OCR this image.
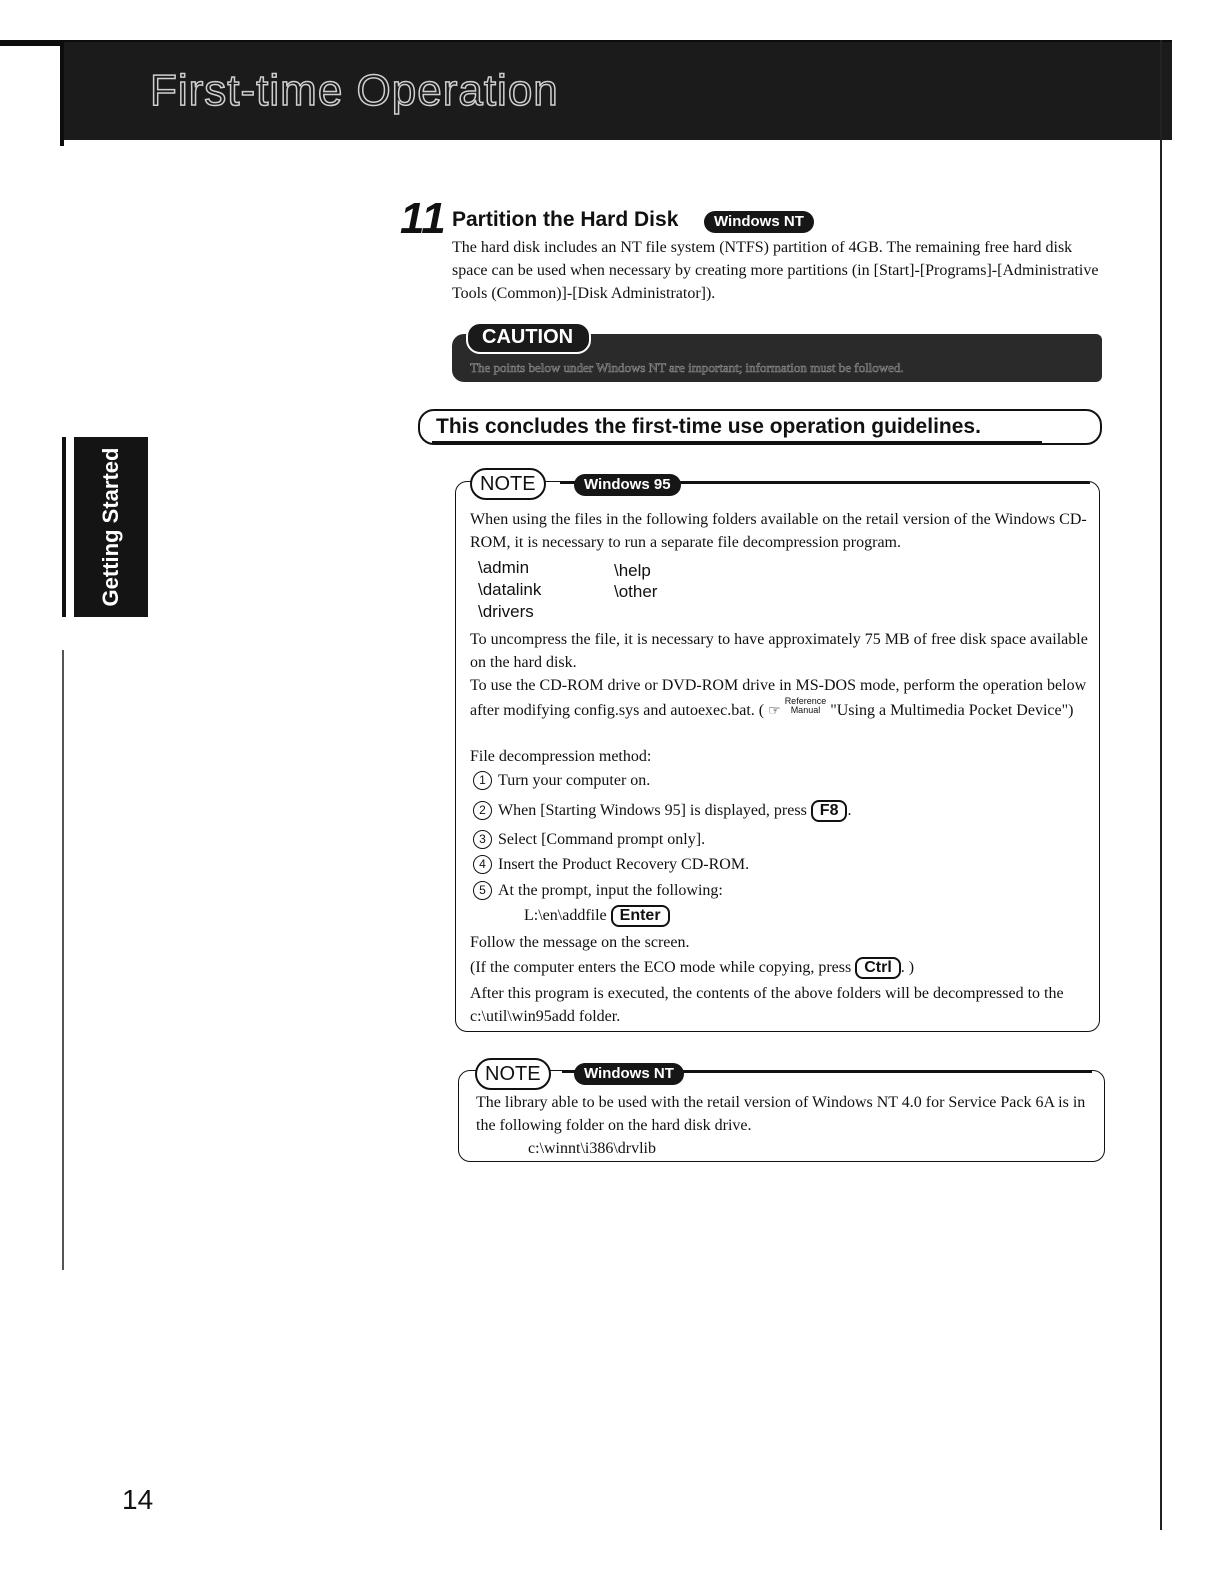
First-time Operation
Getting Started
11 Partition the Hard Disk	Windows NT
The hard disk includes an NT file system (NTFS) partition of 4GB. The remaining free hard disk space can be used when necessary by creating more partitions (in [Start]-[Programs]-[Administrative Tools (Common)]-[Disk Administrator]).
CAUTION
The points below under Windows NT are important; information must be followed.
This concludes the first-time use operation guidelines.
NOTE	Windows 95
When using the files in the following folders available on the retail version of the Windows CD-ROM, it is necessary to run a separate file decompression program.
\admin	\help
\datalink	\other
\drivers
To uncompress the file, it is necessary to have approximately 75 MB of free disk space available on the hard disk.
To use the CD-ROM drive or DVD-ROM drive in MS-DOS mode, perform the operation below after modifying config.sys and autoexec.bat. ( ☞ Reference
Manual "Using a Multimedia Pocket Device")
File decompression method:
1 Turn your computer on.
2 When [Starting Windows 95] is displayed, press F8 .
3 Select [Command prompt only].
4 Insert the Product Recovery CD-ROM.
5 At the prompt, input the following:
L:\en\addfile Enter
Follow the message on the screen.
(If the computer enters the ECO mode while copying, press Ctrl . )
After this program is executed, the contents of the above folders will be decompressed to the c:\util\win95add folder.
NOTE	Windows NT
The library able to be used with the retail version of Windows NT 4.0 for Service Pack 6A is in the following folder on the hard disk drive.
c:\winnt\i386\drvlib
14
